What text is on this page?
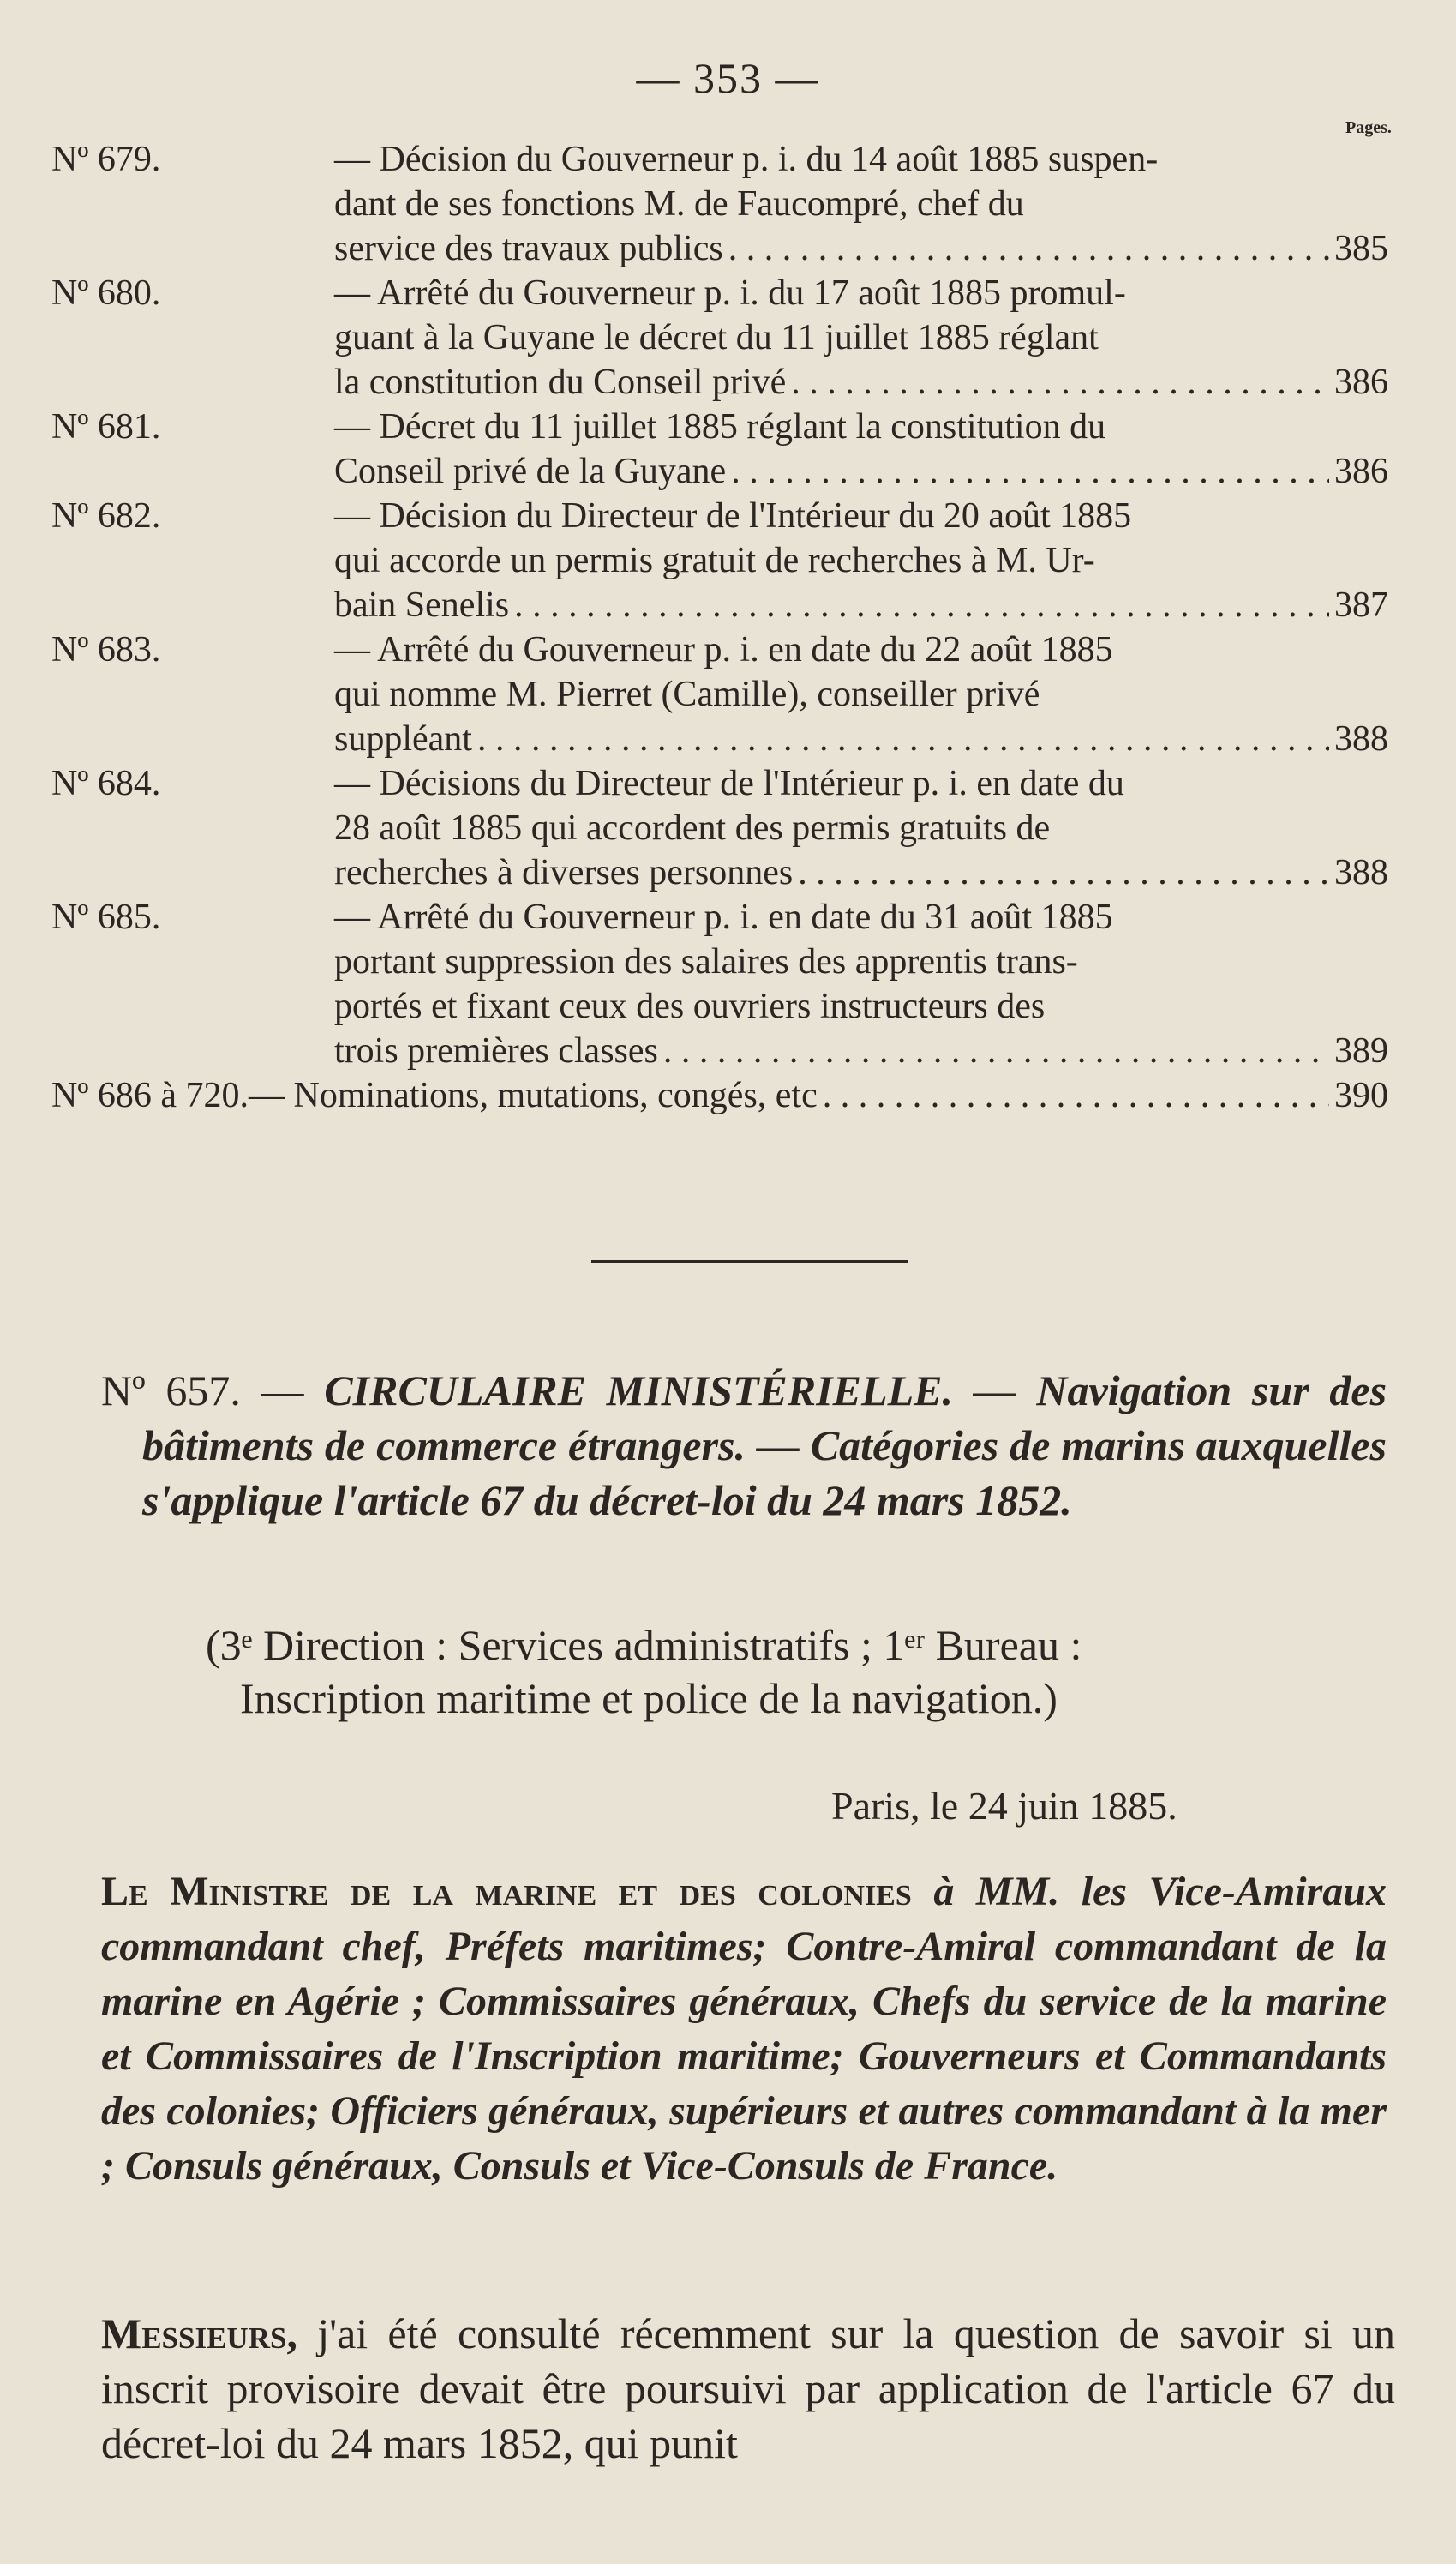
— 353 —
Pages.
Nº 679.	— Décision du Gouverneur p. i. du 14 août 1885 suspen-
dant de ses fonctions M. de Faucompré, chef du
service des travaux publics . . .	385
Nº 680.	— Arrêté du Gouverneur p. i. du 17 août 1885 promul-
guant à la Guyane le décret du 11 juillet 1885 réglant
la constitution du Conseil privé . . .	386
Nº 681.	— Décret du 11 juillet 1885 réglant la constitution du
Conseil privé de la Guyane . . .	386
Nº 682.	— Décision du Directeur de l'Intérieur du 20 août 1885
qui accorde un permis gratuit de recherches à M. Ur-
bain Senelis . . .	387
Nº 683.	— Arrêté du Gouverneur p. i. en date du 22 août 1885
qui nomme M. Pierret (Camille), conseiller privé
suppléant . . .	388
Nº 684.	— Décisions du Directeur de l'Intérieur p. i. en date du
28 août 1885 qui accordent des permis gratuits de
recherches à diverses personnes . . .	388
Nº 685.	— Arrêté du Gouverneur p. i. en date du 31 août 1885
portant suppression des salaires des apprentis trans-
portés et fixant ceux des ouvriers instructeurs des
trois premières classes . . .	389
Nº 686 à 720. — Nominations, mutations, congés, etc . . .	390
Nº 657. — CIRCULAIRE MINISTÉRIELLE. — Navigation sur des bâtiments de commerce étrangers. — Catégories de marins auxquelles s'applique l'article 67 du décret-loi du 24 mars 1852.
(3ᵉ Direction : Services administratifs ; 1ᵉʳ Bureau :
Inscription maritime et police de la navigation.)
Paris, le 24 juin 1885.
Le Ministre de la marine et des colonies à MM. les Vice-Amiraux commandant chef, Préfets maritimes; Contre-Amiral commandant de la marine en Agérie ; Commissaires généraux, Chefs du service de la marine et Commissaires de l'Inscription maritime; Gouverneurs et Commandants des colonies; Officiers généraux, supérieurs et autres commandant à la mer ; Consuls généraux, Consuls et Vice-Consuls de France.
Messieurs, j'ai été consulté récemment sur la question de savoir si un inscrit provisoire devait être poursuivi par application de l'article 67 du décret-loi du 24 mars 1852, qui punit
